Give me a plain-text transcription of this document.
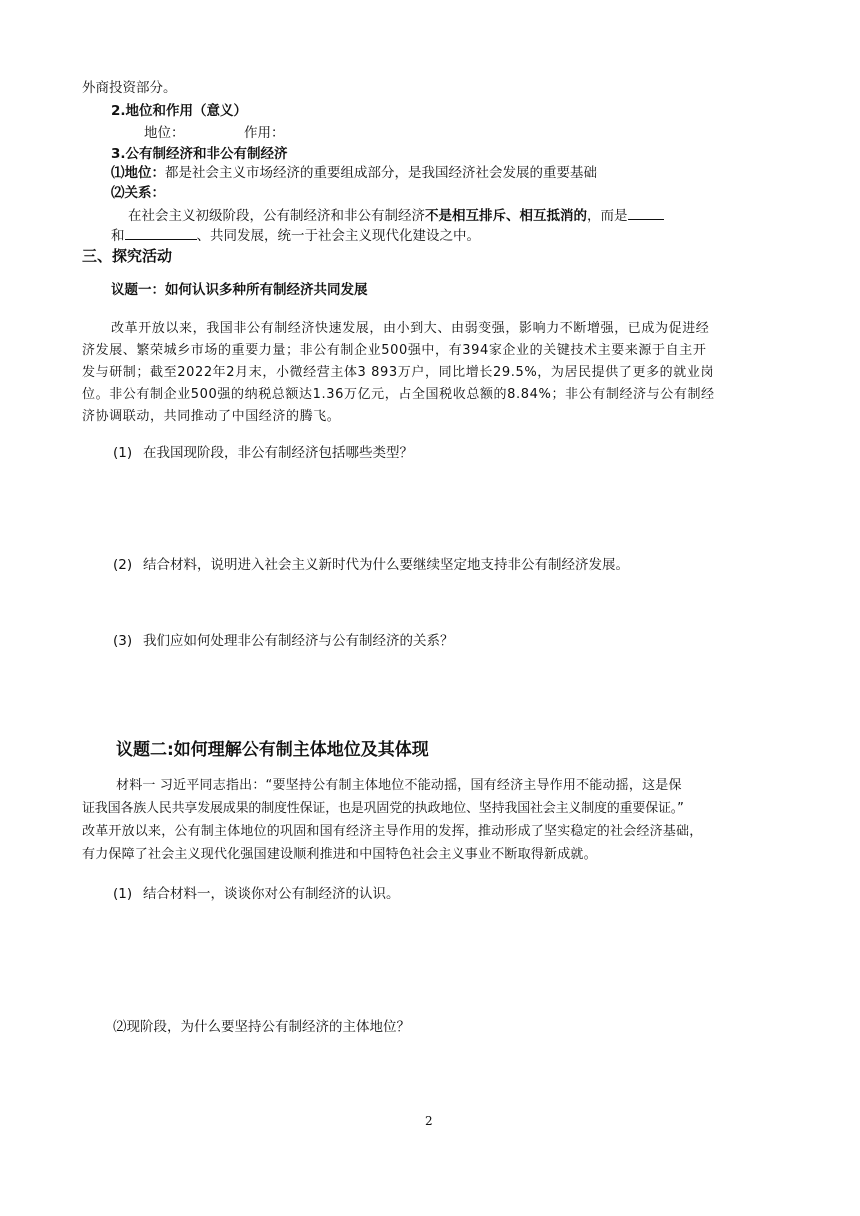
外商投资部分。
2.地位和作用（意义）
地位：	作用：
3.公有制经济和非公有制经济
⑴地位：都是社会主义市场经济的重要组成部分，是我国经济社会发展的重要基础
⑵关系：
在社会主义初级阶段，公有制经济和非公有制经济不是相互排斥、相互抵消的，而是
和	、共同发展，统一于社会主义现代化建设之中。
三、探究活动
议题一：如何认识多种所有制经济共同发展
改革开放以来，我国非公有制经济快速发展，由小到大、由弱变强，影响力不断增强，已成为促进经
济发展、繁荣城乡市场的重要力量；非公有制企业500强中，有394家企业的关键技术主要来源于自主开
发与研制；截至2022年2月末，小微经营主体3 893万户，同比增长29.5%，为居民提供了更多的就业岗
位。非公有制企业500强的纳税总额达1.36万亿元，占全国税收总额的8.84%；非公有制经济与公有制经
济协调联动，共同推动了中国经济的腾飞。
(1) 在我国现阶段，非公有制经济包括哪些类型？
(2) 结合材料，说明进入社会主义新时代为什么要继续坚定地支持非公有制经济发展。
(3) 我们应如何处理非公有制经济与公有制经济的关系？
议题二:如何理解公有制主体地位及其体现
材料一 习近平同志指出：“要坚持公有制主体地位不能动摇，国有经济主导作用不能动摇，这是保
证我国各族人民共享发展成果的制度性保证，也是巩固党的执政地位、坚持我国社会主义制度的重要保证。”
改革开放以来，公有制主体地位的巩固和国有经济主导作用的发挥，推动形成了坚实稳定的社会经济基础，
有力保障了社会主义现代化强国建设顺利推进和中国特色社会主义事业不断取得新成就。
(1) 结合材料一，谈谈你对公有制经济的认识。
⑵现阶段，为什么要坚持公有制经济的主体地位？
2
